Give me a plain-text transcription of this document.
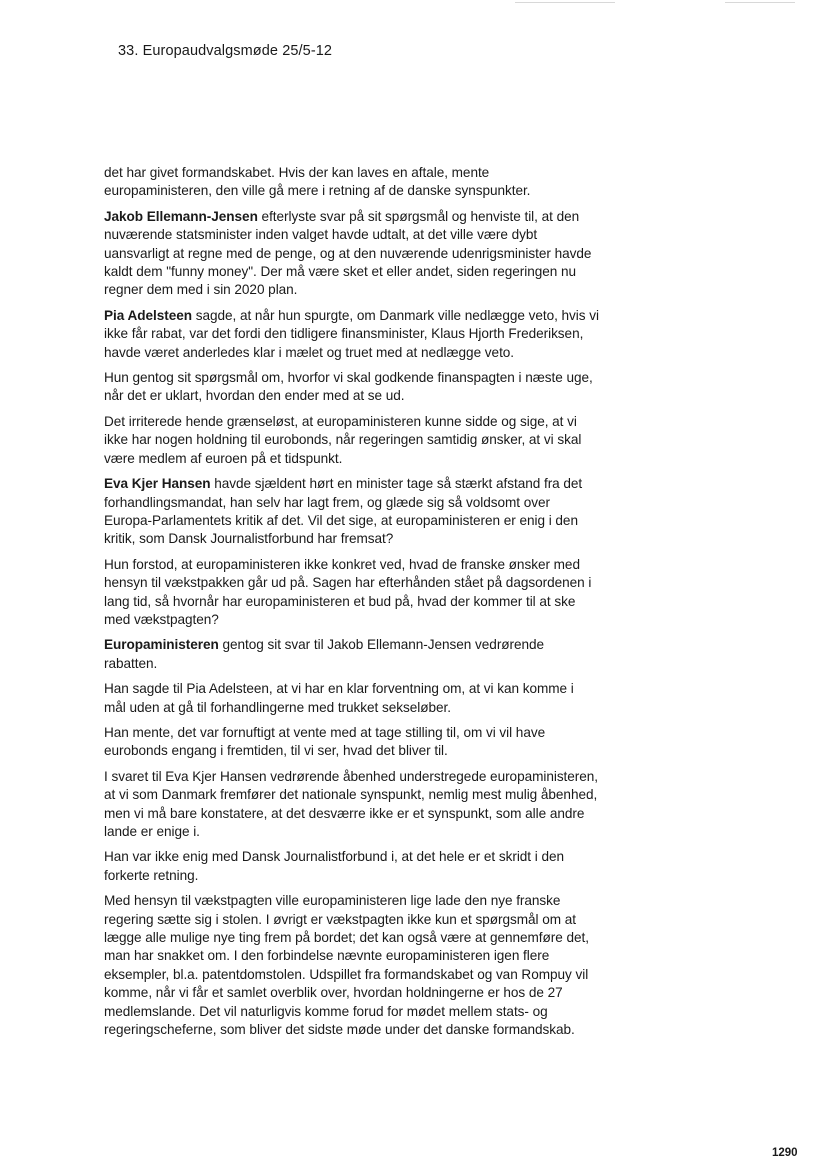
33. Europaudvalgsmøde 25/5-12

det har givet formandskabet. Hvis der kan laves en aftale, mente europaministeren, den ville gå mere i retning af de danske synspunkter.

Jakob Ellemann-Jensen efterlyste svar på sit spørgsmål og henviste til, at den nuværende statsminister inden valget havde udtalt, at det ville være dybt uansvarligt at regne med de penge, og at den nuværende udenrigsminister havde kaldt dem "funny money". Der må være sket et eller andet, siden regeringen nu regner dem med i sin 2020 plan.

Pia Adelsteen sagde, at når hun spurgte, om Danmark ville nedlægge veto, hvis vi ikke får rabat, var det fordi den tidligere finansminister, Klaus Hjorth Frederiksen, havde været anderledes klar i mælet og truet med at nedlægge veto.

Hun gentog sit spørgsmål om, hvorfor vi skal godkende finanspagten i næste uge, når det er uklart, hvordan den ender med at se ud.

Det irriterede hende grænseløst, at europaministeren kunne sidde og sige, at vi ikke har nogen holdning til eurobonds, når regeringen samtidig ønsker, at vi skal være medlem af euroen på et tidspunkt.

Eva Kjer Hansen havde sjældent hørt en minister tage så stærkt afstand fra det forhandlingsmandat, han selv har lagt frem, og glæde sig så voldsomt over Europa-Parlamentets kritik af det. Vil det sige, at europaministeren er enig i den kritik, som Dansk Journalistforbund har fremsat?

Hun forstod, at europaministeren ikke konkret ved, hvad de franske ønsker med hensyn til vækstpakken går ud på. Sagen har efterhånden stået på dagsordenen i lang tid, så hvornår har europaministeren et bud på, hvad der kommer til at ske med vækstpagten?

Europaministeren gentog sit svar til Jakob Ellemann-Jensen vedrørende rabatten.

Han sagde til Pia Adelsteen, at vi har en klar forventning om, at vi kan komme i mål uden at gå til forhandlingerne med trukket sekseløber.

Han mente, det var fornuftigt at vente med at tage stilling til, om vi vil have eurobonds engang i fremtiden, til vi ser, hvad det bliver til.

I svaret til Eva Kjer Hansen vedrørende åbenhed understregede europaministeren, at vi som Danmark fremfører det nationale synspunkt, nemlig mest mulig åbenhed, men vi må bare konstatere, at det desværre ikke er et synspunkt, som alle andre lande er enige i.

Han var ikke enig med Dansk Journalistforbund i, at det hele er et skridt i den forkerte retning.

Med hensyn til vækstpagten ville europaministeren lige lade den nye franske regering sætte sig i stolen. I øvrigt er vækstpagten ikke kun et spørgsmål om at lægge alle mulige nye ting frem på bordet; det kan også være at gennemføre det, man har snakket om. I den forbindelse nævnte europaministeren igen flere eksempler, bl.a. patentdomstolen. Udspillet fra formandskabet og van Rompuy vil komme, når vi får et samlet overblik over, hvordan holdningerne er hos de 27 medlemslande. Det vil naturligvis komme forud for mødet mellem stats- og regeringscheferne, som bliver det sidste møde under det danske formandskab.

1290
